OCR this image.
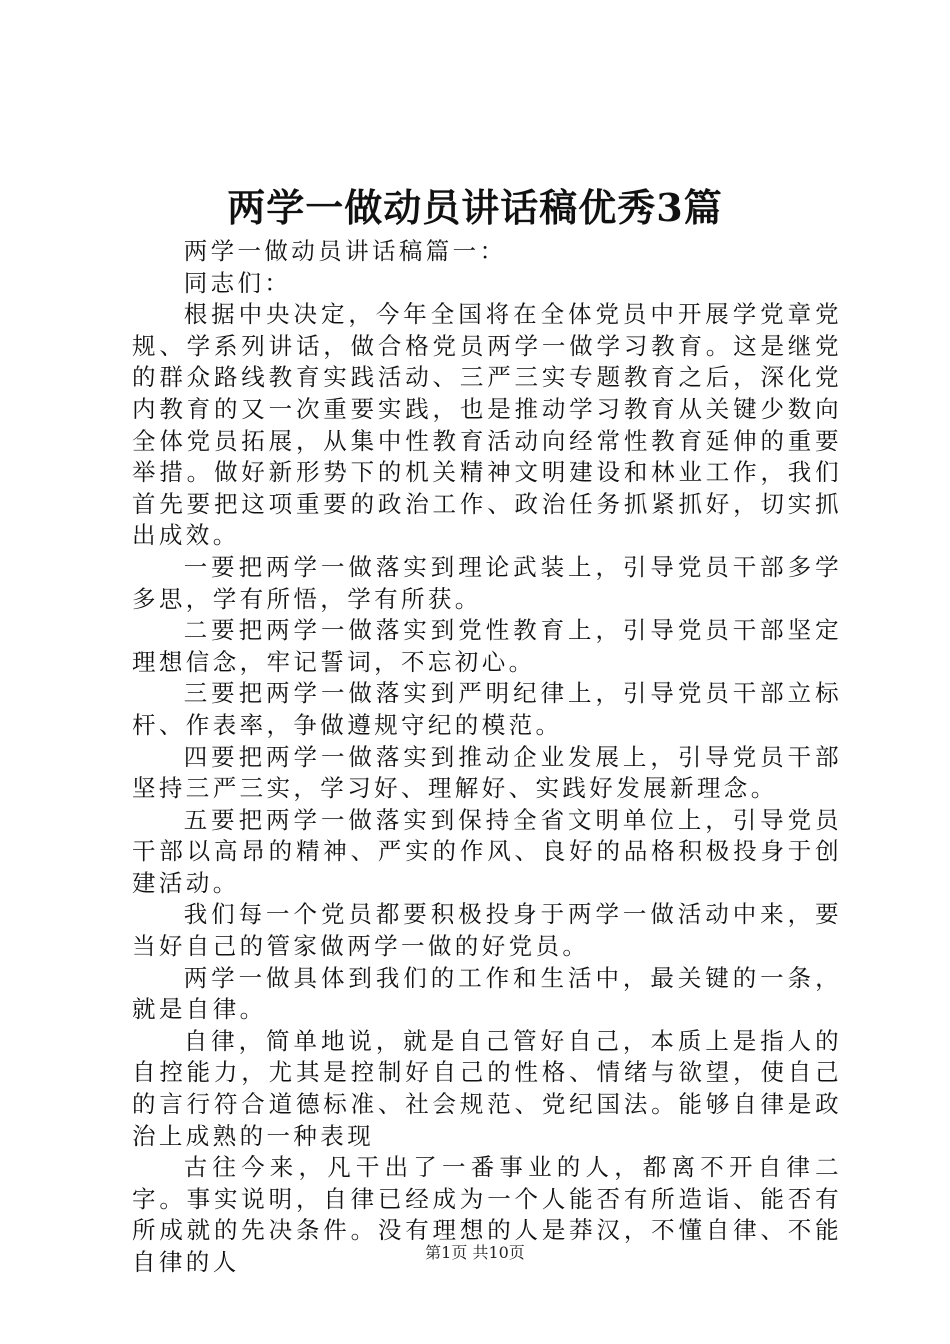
两学一做动员讲话稿优秀3篇

两学一做动员讲话稿篇一：

同志们：

根据中央决定，今年全国将在全体党员中开展学党章党规、学系列讲话，做合格党员两学一做学习教育。这是继党的群众路线教育实践活动、三严三实专题教育之后，深化党内教育的又一次重要实践，也是推动学习教育从关键少数向全体党员拓展，从集中性教育活动向经常性教育延伸的重要举措。做好新形势下的机关精神文明建设和林业工作，我们首先要把这项重要的政治工作、政治任务抓紧抓好，切实抓出成效。

一要把两学一做落实到理论武装上，引导党员干部多学多思，学有所悟，学有所获。

二要把两学一做落实到党性教育上，引导党员干部坚定理想信念，牢记誓词，不忘初心。

三要把两学一做落实到严明纪律上，引导党员干部立标杆、作表率，争做遵规守纪的模范。

四要把两学一做落实到推动企业发展上，引导党员干部坚持三严三实，学习好、理解好、实践好发展新理念。

五要把两学一做落实到保持全省文明单位上，引导党员干部以高昂的精神、严实的作风、良好的品格积极投身于创建活动。

我们每一个党员都要积极投身于两学一做活动中来，要当好自己的管家做两学一做的好党员。

两学一做具体到我们的工作和生活中，最关键的一条，就是自律。

自律，简单地说，就是自己管好自己，本质上是指人的自控能力，尤其是控制好自己的性格、情绪与欲望，使自己的言行符合道德标准、社会规范、党纪国法。能够自律是政治上成熟的一种表现

古往今来，凡干出了一番事业的人，都离不开自律二字。事实说明，自律已经成为一个人能否有所造诣、能否有所成就的先决条件。没有理想的人是莽汉，不懂自律、不能自律的人	第1页 共10页
